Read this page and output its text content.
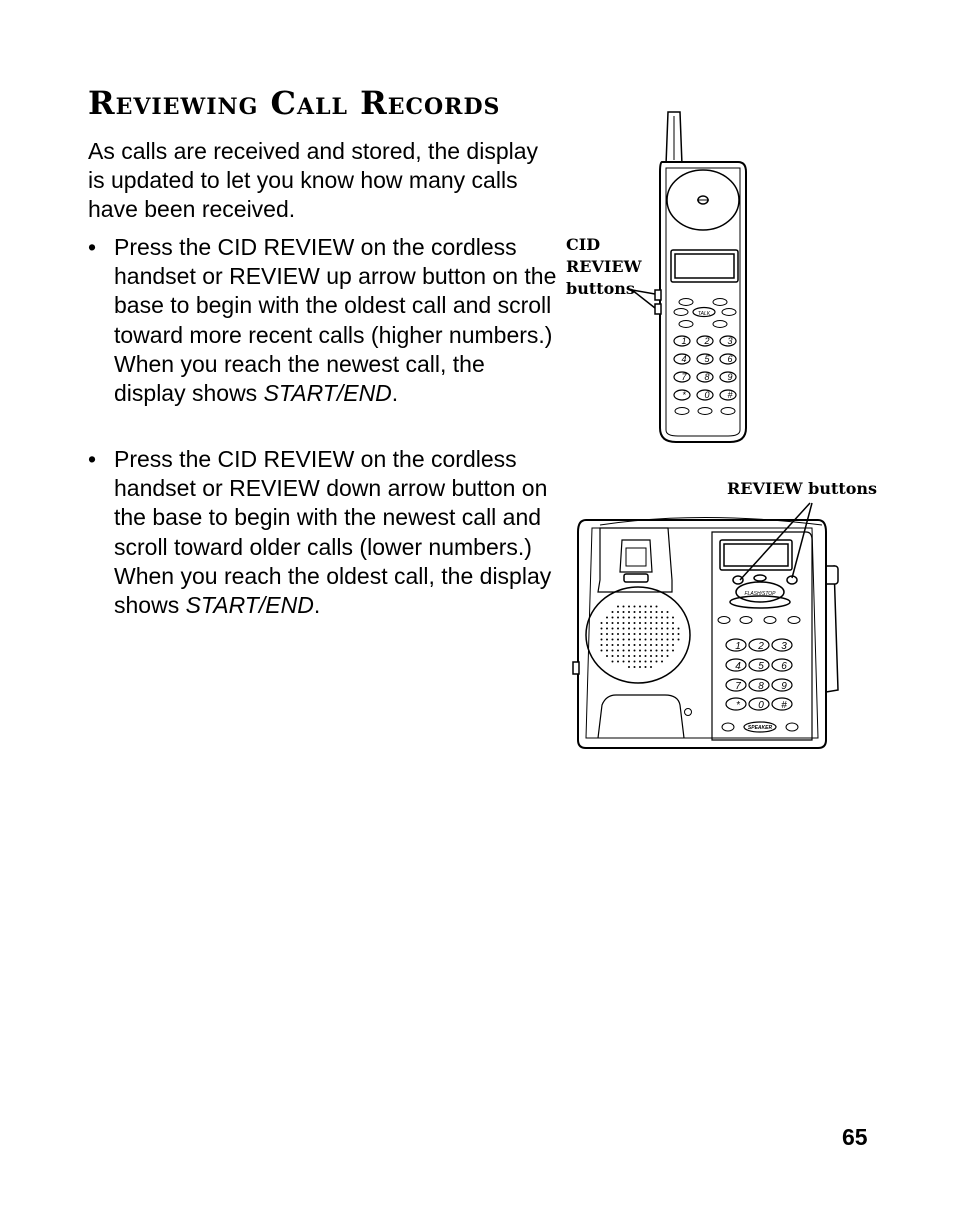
Reviewing Call Records

As calls are received and stored, the display is updated to let you know how many calls have been received.

• Press the CID REVIEW on the cordless handset or REVIEW up arrow button on the base to begin with the oldest call and scroll toward more recent calls (higher numbers.) When you reach the newest call, the display shows START/END.
• Press the CID REVIEW on the cordless handset or REVIEW down arrow button on the base to begin with the newest call and scroll toward older calls (lower numbers.) When you reach the oldest call, the display shows START/END.
TALK
1 2 3
4 5 6
7 8 9
* 0 #
FLASH/STOP
SPEAKER
1 2 3
4 5 6
7 8 9
* 0 #
CID REVIEW buttons
REVIEW buttons
65
